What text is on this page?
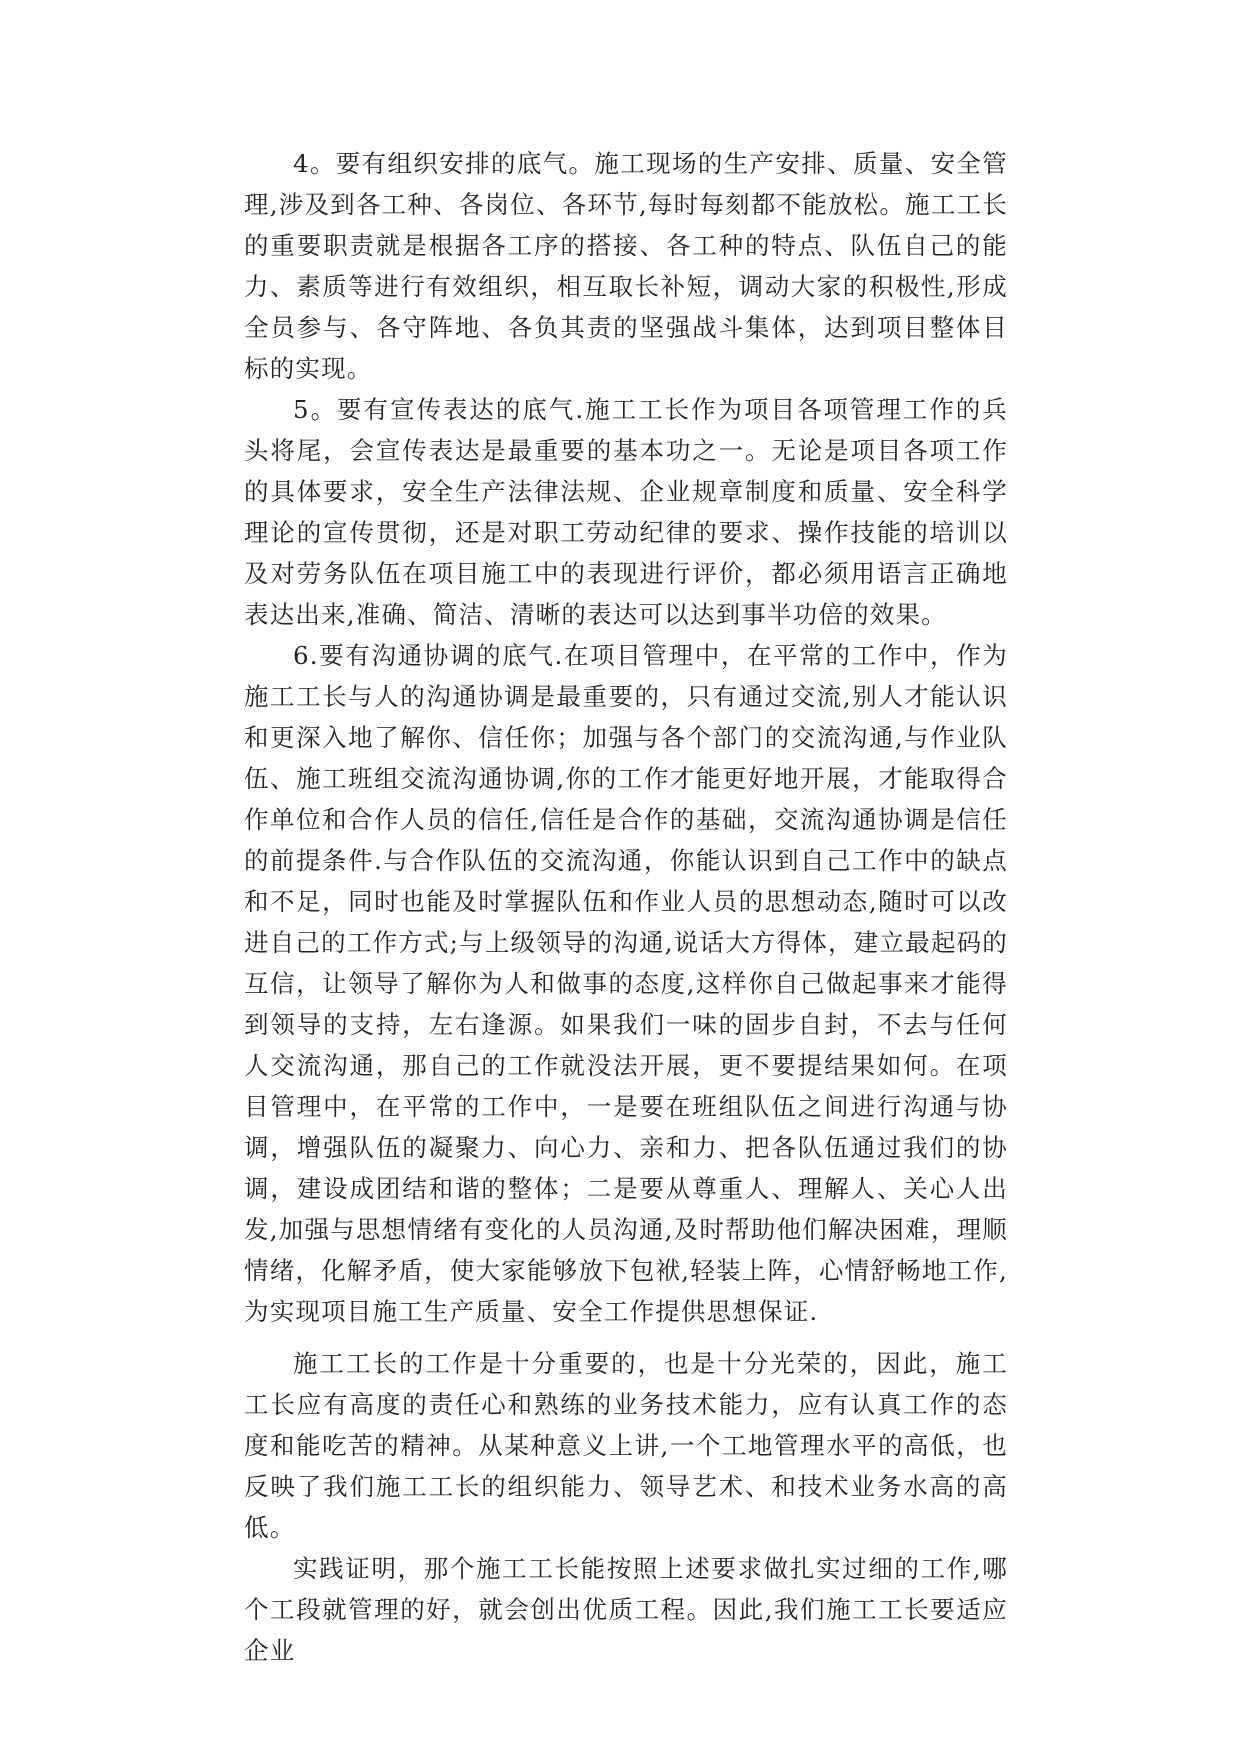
4。要有组织安排的底气。施工现场的生产安排、质量、安全管理,涉及到各工种、各岗位、各环节,每时每刻都不能放松。施工工长的重要职责就是根据各工序的搭接、各工种的特点、队伍自己的能力、素质等进行有效组织，相互取长补短，调动大家的积极性,形成全员参与、各守阵地、各负其责的坚强战斗集体，达到项目整体目标的实现。

5。要有宣传表达的底气.施工工长作为项目各项管理工作的兵头将尾，会宣传表达是最重要的基本功之一。无论是项目各项工作的具体要求，安全生产法律法规、企业规章制度和质量、安全科学理论的宣传贯彻，还是对职工劳动纪律的要求、操作技能的培训以及对劳务队伍在项目施工中的表现进行评价，都必须用语言正确地表达出来,准确、简洁、清晰的表达可以达到事半功倍的效果。

6.要有沟通协调的底气.在项目管理中，在平常的工作中，作为施工工长与人的沟通协调是最重要的，只有通过交流,别人才能认识和更深入地了解你、信任你；加强与各个部门的交流沟通,与作业队伍、施工班组交流沟通协调,你的工作才能更好地开展，才能取得合作单位和合作人员的信任,信任是合作的基础，交流沟通协调是信任的前提条件.与合作队伍的交流沟通，你能认识到自己工作中的缺点和不足，同时也能及时掌握队伍和作业人员的思想动态,随时可以改进自己的工作方式;与上级领导的沟通,说话大方得体，建立最起码的互信，让领导了解你为人和做事的态度,这样你自己做起事来才能得到领导的支持，左右逢源。如果我们一味的固步自封，不去与任何人交流沟通，那自己的工作就没法开展，更不要提结果如何。在项目管理中，在平常的工作中，一是要在班组队伍之间进行沟通与协调，增强队伍的凝聚力、向心力、亲和力、把各队伍通过我们的协调，建设成团结和谐的整体；二是要从尊重人、理解人、关心人出发,加强与思想情绪有变化的人员沟通,及时帮助他们解决困难，理顺情绪，化解矛盾，使大家能够放下包袱,轻装上阵，心情舒畅地工作,为实现项目施工生产质量、安全工作提供思想保证.

施工工长的工作是十分重要的，也是十分光荣的，因此，施工工长应有高度的责任心和熟练的业务技术能力，应有认真工作的态度和能吃苦的精神。从某种意义上讲,一个工地管理水平的高低，也反映了我们施工工长的组织能力、领导艺术、和技术业务水高的高低。

实践证明，那个施工工长能按照上述要求做扎实过细的工作,哪个工段就管理的好，就会创出优质工程。因此,我们施工工长要适应企业
